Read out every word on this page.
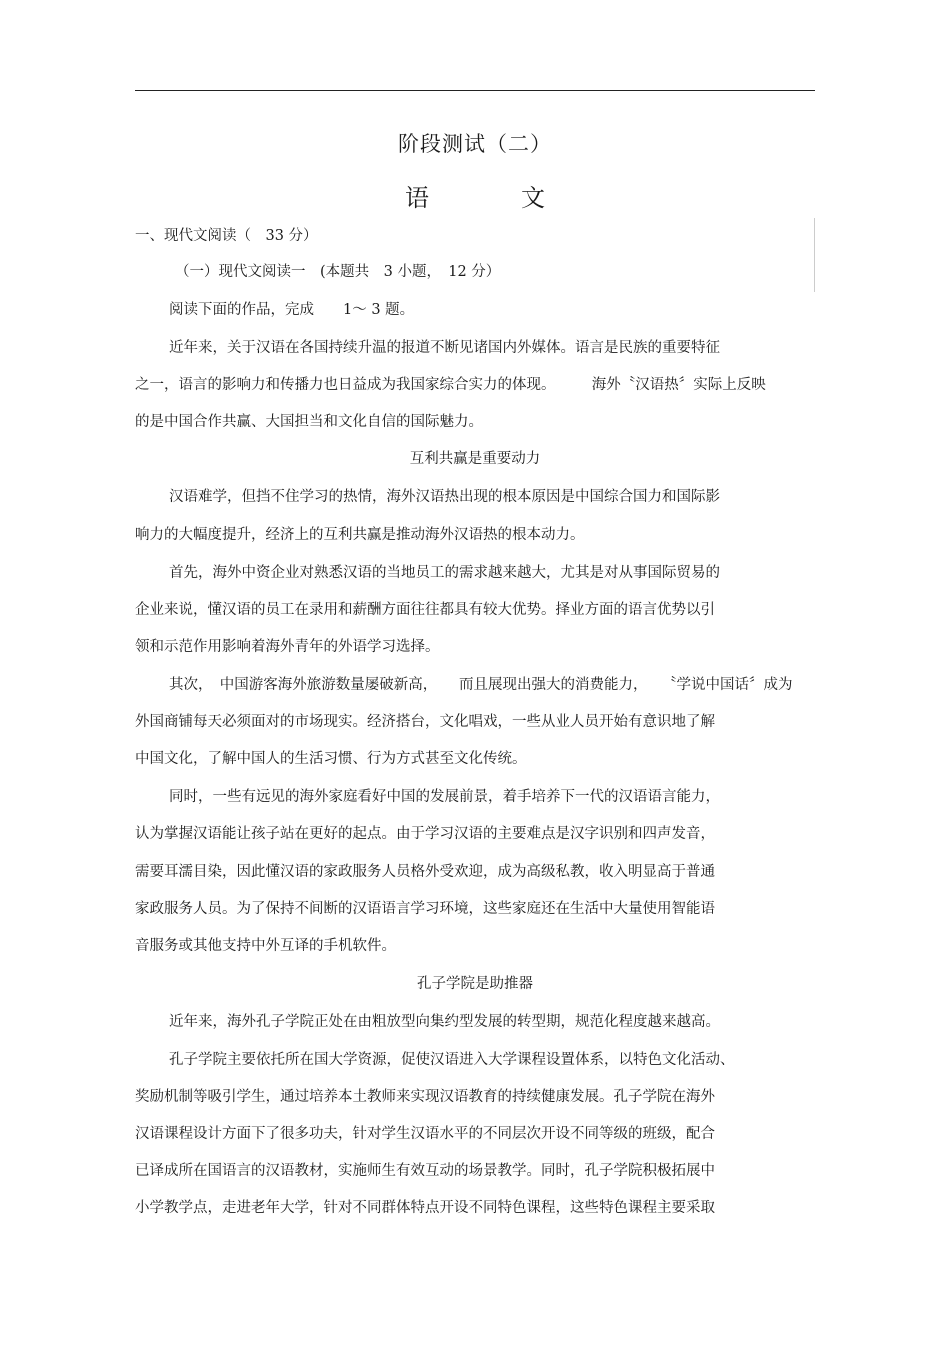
阶段测试（二）
语　文
一、现代文阅读（　33 分）
（一）现代文阅读一　(本题共　3 小题，　12 分）
阅读下面的作品，完成　　1～ 3 题。
近年来，关于汉语在各国持续升温的报道不断见诸国内外媒体。语言是民族的重要特征
之一，语言的影响力和传播力也日益成为我国家综合实力的体现。　　　海外〝汉语热〞实际上反映
的是中国合作共赢、大国担当和文化自信的国际魅力。
互利共赢是重要动力
汉语难学，但挡不住学习的热情，海外汉语热出现的根本原因是中国综合国力和国际影
响力的大幅度提升，经济上的互利共赢是推动海外汉语热的根本动力。
首先，海外中资企业对熟悉汉语的当地员工的需求越来越大，尤其是对从事国际贸易的
企业来说，懂汉语的员工在录用和薪酬方面往往都具有较大优势。择业方面的语言优势以引
领和示范作用影响着海外青年的外语学习选择。
其次，　中国游客海外旅游数量屡破新高，　　而且展现出强大的消费能力，　　〝学说中国话〞成为
外国商铺每天必须面对的市场现实。经济搭台，文化唱戏，一些从业人员开始有意识地了解
中国文化，了解中国人的生活习惯、行为方式甚至文化传统。
同时，一些有远见的海外家庭看好中国的发展前景，着手培养下一代的汉语语言能力，
认为掌握汉语能让孩子站在更好的起点。由于学习汉语的主要难点是汉字识别和四声发音，
需要耳濡目染，因此懂汉语的家政服务人员格外受欢迎，成为高级私教，收入明显高于普通
家政服务人员。为了保持不间断的汉语语言学习环境，这些家庭还在生活中大量使用智能语
音服务或其他支持中外互译的手机软件。
孔子学院是助推器
近年来，海外孔子学院正处在由粗放型向集约型发展的转型期，规范化程度越来越高。
孔子学院主要依托所在国大学资源，促使汉语进入大学课程设置体系，以特色文化活动、
奖励机制等吸引学生，通过培养本土教师来实现汉语教育的持续健康发展。孔子学院在海外
汉语课程设计方面下了很多功夫，针对学生汉语水平的不同层次开设不同等级的班级，配合
已译成所在国语言的汉语教材，实施师生有效互动的场景教学。同时，孔子学院积极拓展中
小学教学点，走进老年大学，针对不同群体特点开设不同特色课程，这些特色课程主要采取
